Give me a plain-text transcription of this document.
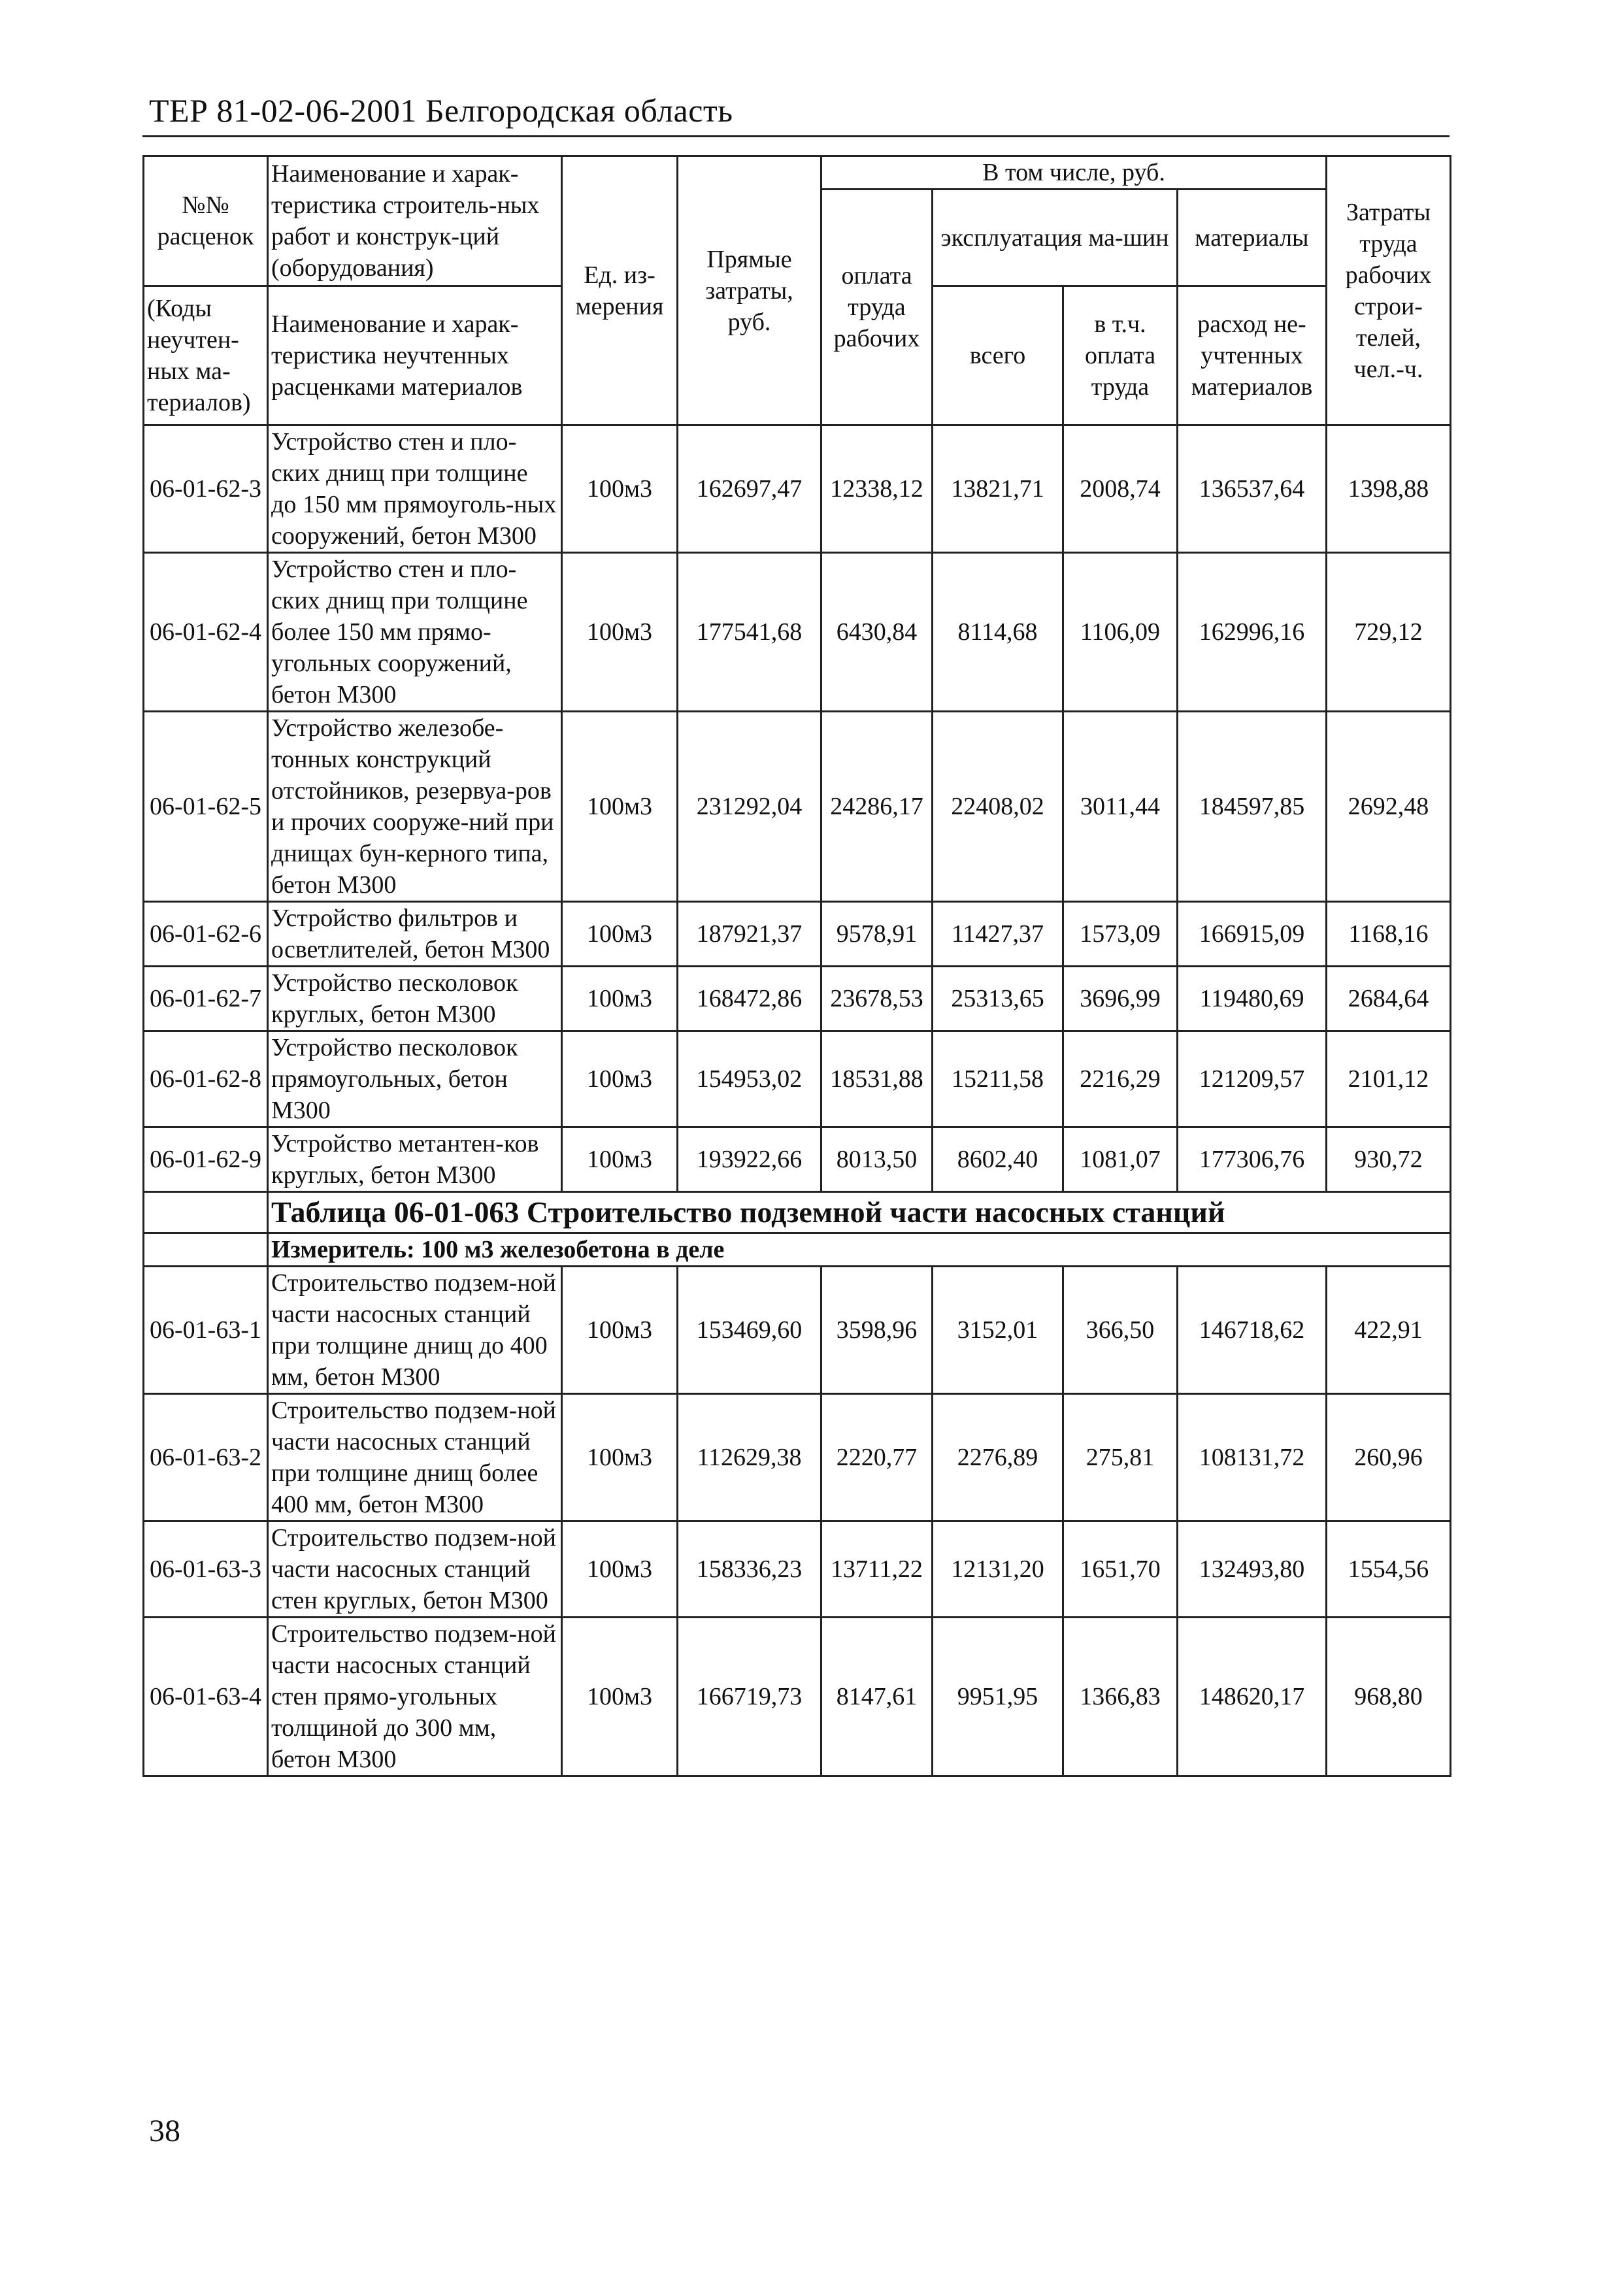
ТЕР 81-02-06-2001 Белгородская область
№№ расценок	Наименование и харак-теристика строитель-ных работ и конструк-ций (оборудования)	Ед. из-мерения	Прямые затраты, руб.	В том числе, руб.				Затраты труда рабочих строи-телей, чел.-ч.
				оплата труда рабочих	эксплуатация ма-шин		материалы	
(Коды неучтен-ных ма-териалов)	Наименование и харак-теристика неучтенных расценками материалов				всего	в т.ч. оплата труда	расход не-учтенных материалов	

06-01-62-3	Устройство стен и пло-ских днищ при толщине до 150 мм прямоуголь-ных сооружений, бетон М300	100м3	162697,47	12338,12	13821,71	2008,74	136537,64	1398,88
06-01-62-4	Устройство стен и пло-ских днищ при толщине более 150 мм прямо-угольных сооружений, бетон М300	100м3	177541,68	6430,84	8114,68	1106,09	162996,16	729,12
06-01-62-5	Устройство железобе-тонных конструкций отстойников, резервуа-ров и прочих сооруже-ний при днищах бун-керного типа, бетон М300	100м3	231292,04	24286,17	22408,02	3011,44	184597,85	2692,48
06-01-62-6	Устройство фильтров и осветлителей, бетон М300	100м3	187921,37	9578,91	11427,37	1573,09	166915,09	1168,16
06-01-62-7	Устройство песколовок круглых, бетон М300	100м3	168472,86	23678,53	25313,65	3696,99	119480,69	2684,64
06-01-62-8	Устройство песколовок прямоугольных, бетон М300	100м3	154953,02	18531,88	15211,58	2216,29	121209,57	2101,12
06-01-62-9	Устройство метантен-ков круглых, бетон М300	100м3	193922,66	8013,50	8602,40	1081,07	177306,76	930,72
	Таблица 06-01-063 Строительство подземной части насосных станций							
	Измеритель: 100 м3 железобетона в деле							
06-01-63-1	Строительство подзем-ной части насосных станций при толщине днищ до 400 мм, бетон М300	100м3	153469,60	3598,96	3152,01	366,50	146718,62	422,91
06-01-63-2	Строительство подзем-ной части насосных станций при толщине днищ более 400 мм, бетон М300	100м3	112629,38	2220,77	2276,89	275,81	108131,72	260,96
06-01-63-3	Строительство подзем-ной части насосных станций стен круглых, бетон М300	100м3	158336,23	13711,22	12131,20	1651,70	132493,80	1554,56
06-01-63-4	Строительство подзем-ной части насосных станций стен прямо-угольных толщиной до 300 мм, бетон М300	100м3	166719,73	8147,61	9951,95	1366,83	148620,17	968,80
38
